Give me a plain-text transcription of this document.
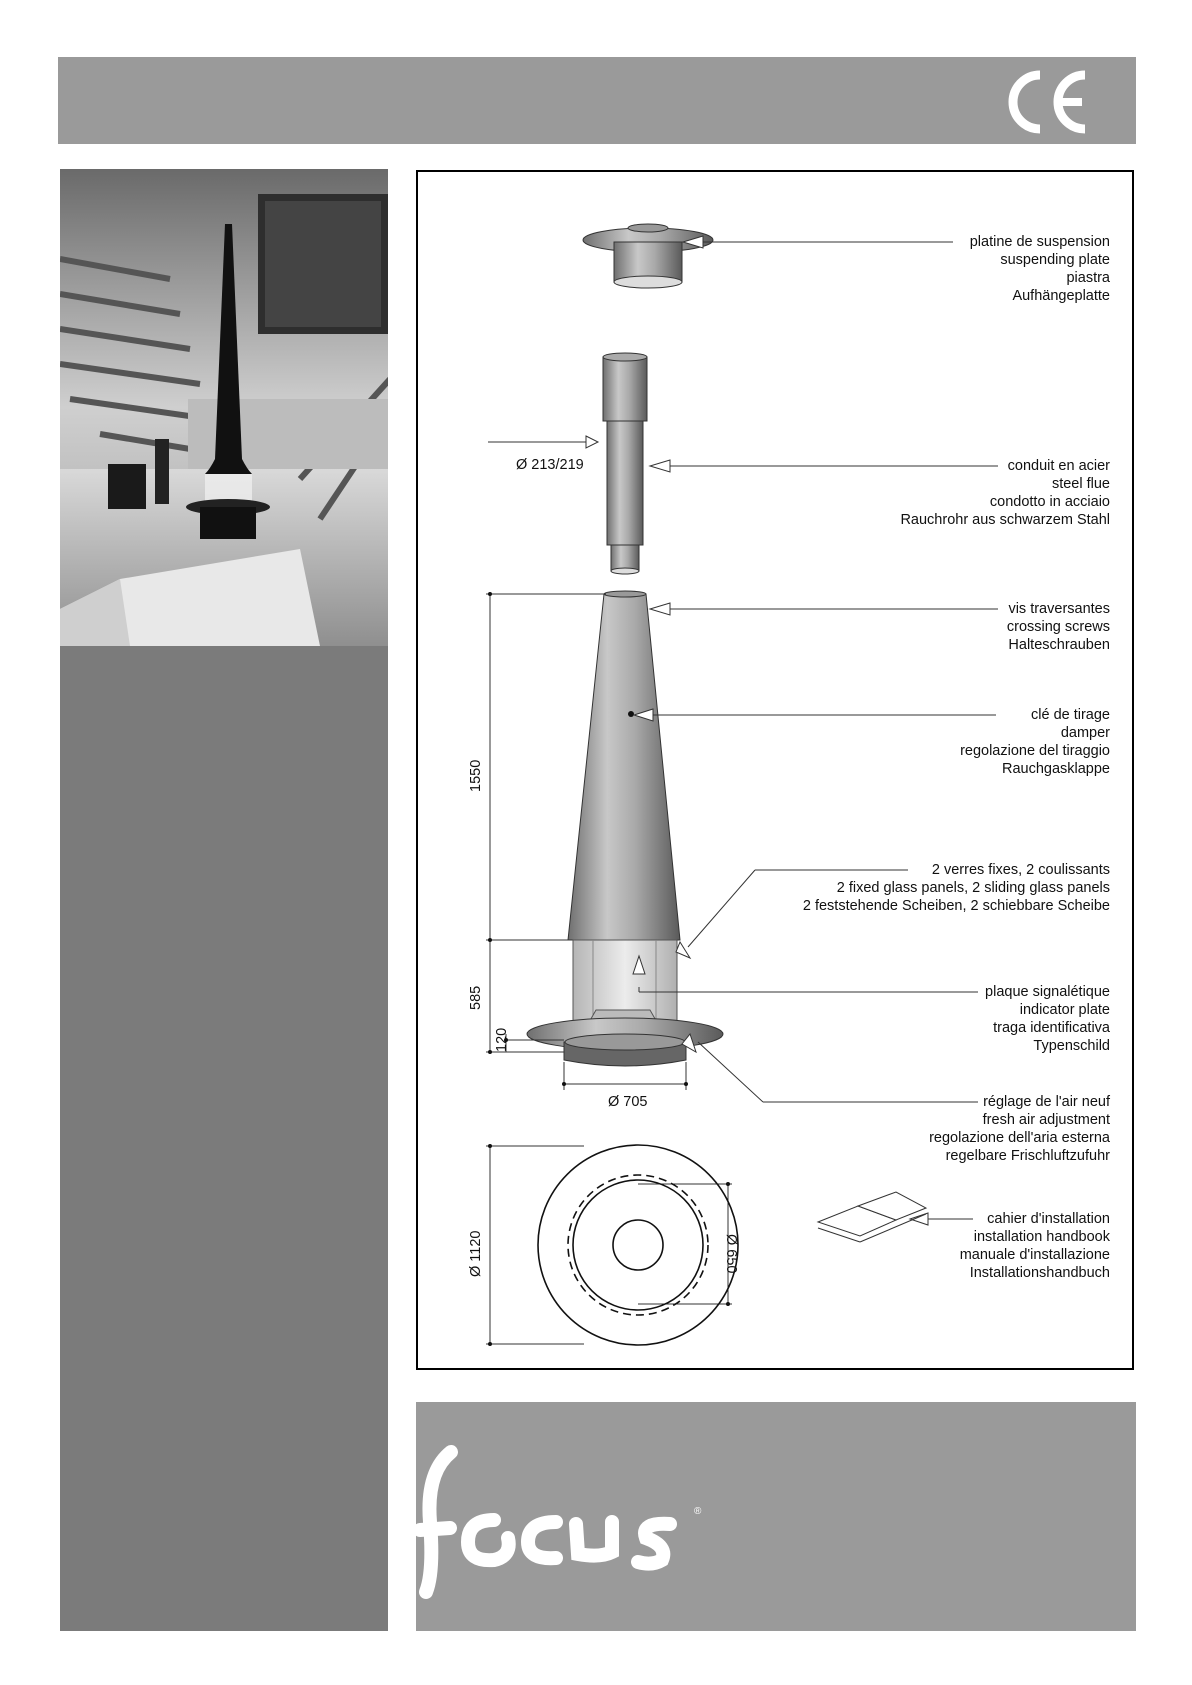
platine de suspension
suspending plate
piastra
Aufhängeplatte
conduit en acier
steel flue
condotto in acciaio
Rauchrohr aus schwarzem Stahl
vis traversantes
crossing screws
Halteschrauben
clé de tirage
damper
regolazione del tiraggio
Rauchgasklappe
2 verres fixes, 2 coulissants
2 fixed glass panels, 2 sliding glass panels
2 feststehende Scheiben, 2 schiebbare Scheibe
plaque signalétique
indicator plate
traga identificativa
Typenschild
réglage de l'air neuf
fresh air adjustment
regolazione dell'aria esterna
regelbare Frischluftzufuhr
cahier d'installation
installation handbook
manuale d'installazione
Installationshandbuch
Ø 213/219
1550
585
120
Ø 705
Ø 1120	Ø 650
®
